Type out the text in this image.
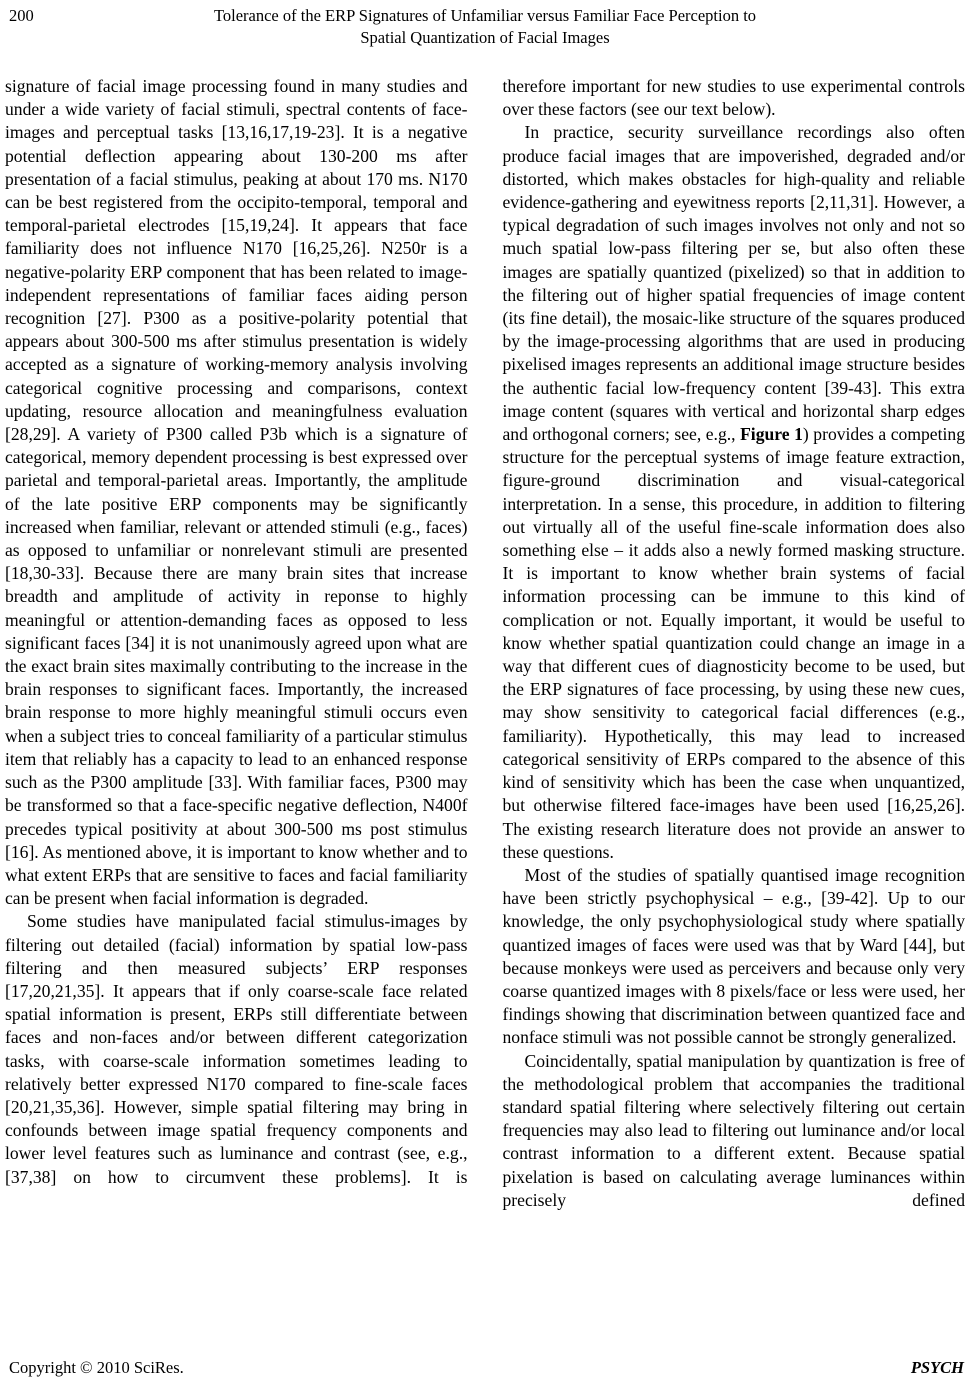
200	Tolerance of the ERP Signatures of Unfamiliar versus Familiar Face Perception to
Spatial Quantization of Facial Images

signature of facial image processing found in many studies and under a wide variety of facial stimuli, spectral contents of face-images and perceptual tasks [13,16,17,19-23]. It is a negative potential deflection appearing about 130-200 ms after presentation of a facial stimulus, peaking at about 170 ms. N170 can be best registered from the occipito-temporal, temporal and temporal-parietal electrodes [15,19,24]. It appears that face familiarity does not influence N170 [16,25,26]. N250r is a negative-polarity ERP component that has been related to image-independent representations of familiar faces aiding person recognition [27]. P300 as a positive-polarity potential that appears about 300-500 ms after stimulus presentation is widely accepted as a signature of working-memory analysis involving categorical cognitive processing and comparisons, context updating, resource allocation and meaningfulness evaluation [28,29]. A variety of P300 called P3b which is a signature of categorical, memory dependent processing is best expressed over parietal and temporal-parietal areas. Importantly, the amplitude of the late positive ERP components may be significantly increased when familiar, relevant or attended stimuli (e.g., faces) as opposed to unfamiliar or nonrelevant stimuli are presented [18,30-33]. Because there are many brain sites that increase breadth and amplitude of activity in reponse to highly meaningful or attention-demanding faces as opposed to less significant faces [34] it is not unanimously agreed upon what are the exact brain sites maximally contributing to the increase in the brain responses to significant faces. Importantly, the increased brain response to more highly meaningful stimuli occurs even when a subject tries to conceal familiarity of a particular stimulus item that reliably has a capacity to lead to an enhanced response such as the P300 amplitude [33]. With familiar faces, P300 may be transformed so that a face-specific negative deflection, N400f precedes typical positivity at about 300-500 ms post stimulus [16]. As mentioned above, it is important to know whether and to what extent ERPs that are sensitive to faces and facial familiarity can be present when facial information is degraded.

Some studies have manipulated facial stimulus-images by filtering out detailed (facial) information by spatial low-pass filtering and then measured subjects’ ERP responses [17,20,21,35]. It appears that if only coarse-scale face related spatial information is present, ERPs still differentiate between faces and non-faces and/or between different categorization tasks, with coarse-scale information sometimes leading to relatively better expressed N170 compared to fine-scale faces [20,21,35,36]. However, simple spatial filtering may bring in confounds between image spatial frequency components and lower level features such as luminance and contrast (see, e.g., [37,38] on how to circumvent these problems]. It is

therefore important for new studies to use experimental controls over these factors (see our text below).

In practice, security surveillance recordings also often produce facial images that are impoverished, degraded and/or distorted, which makes obstacles for high-quality and reliable evidence-gathering and eyewitness reports [2,11,31]. However, a typical degradation of such images involves not only and not so much spatial low-pass filtering per se, but also often these images are spatially quantized (pixelized) so that in addition to the filtering out of higher spatial frequencies of image content (its fine detail), the mosaic-like structure of the squares produced by the image-processing algorithms that are used in producing pixelised images represents an additional image structure besides the authentic facial low-frequency content [39-43]. This extra image content (squares with vertical and horizontal sharp edges and orthogonal corners; see, e.g., Figure 1) provides a competing structure for the perceptual systems of image feature extraction, figure-ground discrimination and visual-categorical interpretation. In a sense, this procedure, in addition to filtering out virtually all of the useful fine-scale information does also something else – it adds also a newly formed masking structure. It is important to know whether brain systems of facial information processing can be immune to this kind of complication or not. Equally important, it would be useful to know whether spatial quantization could change an image in a way that different cues of diagnosticity become to be used, but the ERP signatures of face processing, by using these new cues, may show sensitivity to categorical facial differences (e.g., familiarity). Hypothetically, this may lead to increased categorical sensitivity of ERPs compared to the absence of this kind of sensitivity which has been the case when unquantized, but otherwise filtered face-images have been used [16,25,26]. The existing research literature does not provide an answer to these questions.

Most of the studies of spatially quantised image recognition have been strictly psychophysical – e.g., [39-42]. Up to our knowledge, the only psychophysiological study where spatially quantized images of faces were used was that by Ward [44], but because monkeys were used as perceivers and because only very coarse quantized images with 8 pixels/face or less were used, her findings showing that discrimination between quantized face and nonface stimuli was not possible cannot be strongly generalized.

Coincidentally, spatial manipulation by quantization is free of the methodological problem that accompanies the traditional standard spatial filtering where selectively filtering out certain frequencies may also lead to filtering out luminance and/or local contrast information to a different extent. Because spatial pixelation is based on calculating average luminances within precisely defined

Copyright © 2010 SciRes.	PSYCH
